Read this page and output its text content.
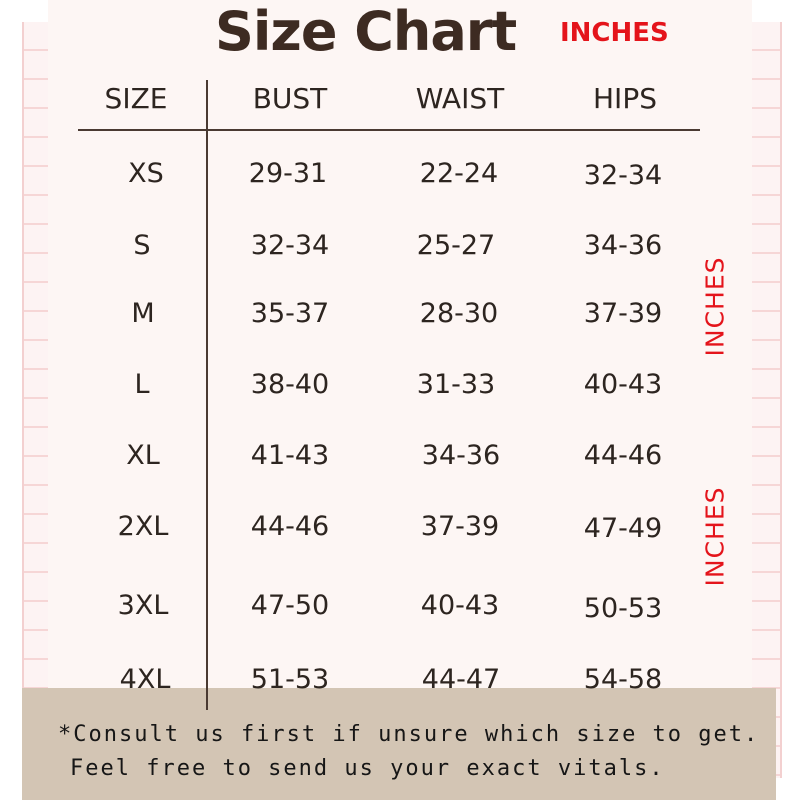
Size Chart INCHES
SIZE	BUST	WAIST	HIPS
XS	29-31	22-24	32-34
S	32-34	25-27	34-36
M	35-37	28-30	37-39
L	38-40	31-33	40-43
XL	41-43	34-36	44-46
2XL	44-46	37-39	47-49
3XL	47-50	40-43	50-53
4XL	51-53	44-47	54-58
INCHES
INCHES
*Consult us first if unsure which size to get.
Feel free to send us your exact vitals.
